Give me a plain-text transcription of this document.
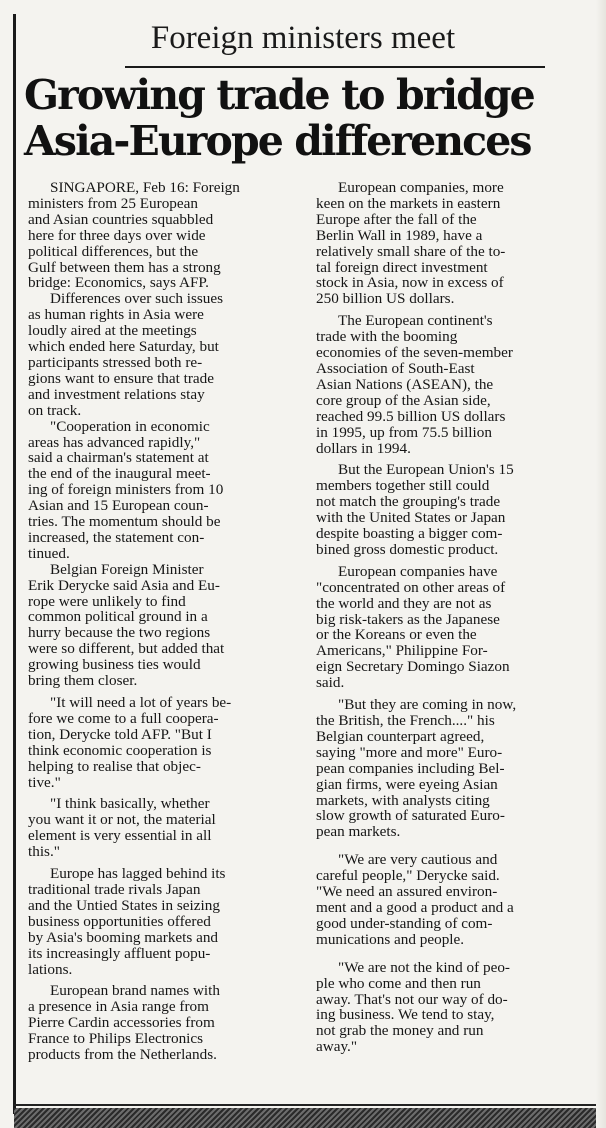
Foreign ministers meet
Growing trade to bridge
Asia-Europe differences

SINGAPORE, Feb 16: Foreign
ministers from 25 European
and Asian countries squabbled
here for three days over wide
political differences, but the
Gulf between them has a strong
bridge: Economics, says AFP.

Differences over such issues
as human rights in Asia were
loudly aired at the meetings
which ended here Saturday, but
participants stressed both re-
gions want to ensure that trade
and investment relations stay
on track.

"Cooperation in economic
areas has advanced rapidly,"
said a chairman's statement at
the end of the inaugural meet-
ing of foreign ministers from 10
Asian and 15 European coun-
tries. The momentum should be
increased, the statement con-
tinued.

Belgian Foreign Minister
Erik Derycke said Asia and Eu-
rope were unlikely to find
common political ground in a
hurry because the two regions
were so different, but added that
growing business ties would
bring them closer.

"It will need a lot of years be-
fore we come to a full coopera-
tion, Derycke told AFP. "But I
think economic cooperation is
helping to realise that objec-
tive."

"I think basically, whether
you want it or not, the material
element is very essential in all
this."

Europe has lagged behind its
traditional trade rivals Japan
and the Untied States in seizing
business opportunities offered
by Asia's booming markets and
its increasingly affluent popu-
lations.

European brand names with
a presence in Asia range from
Pierre Cardin accessories from
France to Philips Electronics
products from the Netherlands.

European companies, more
keen on the markets in eastern
Europe after the fall of the
Berlin Wall in 1989, have a
relatively small share of the to-
tal foreign direct investment
stock in Asia, now in excess of
250 billion US dollars.

The European continent's
trade with the booming
economies of the seven-member
Association of South-East
Asian Nations (ASEAN), the
core group of the Asian side,
reached 99.5 billion US dollars
in 1995, up from 75.5 billion
dollars in 1994.

But the European Union's 15
members together still could
not match the grouping's trade
with the United States or Japan
despite boasting a bigger com-
bined gross domestic product.

European companies have
"concentrated on other areas of
the world and they are not as
big risk-takers as the Japanese
or the Koreans or even the
Americans," Philippine For-
eign Secretary Domingo Siazon
said.

"But they are coming in now,
the British, the French...." his
Belgian counterpart agreed,
saying "more and more" Euro-
pean companies including Bel-
gian firms, were eyeing Asian
markets, with analysts citing
slow growth of saturated Euro-
pean markets.

"We are very cautious and
careful people," Derycke said.
"We need an assured environ-
ment and a good a product and a
good under-standing of com-
munications and people.

"We are not the kind of peo-
ple who come and then run
away. That's not our way of do-
ing business. We tend to stay,
not grab the money and run
away."
